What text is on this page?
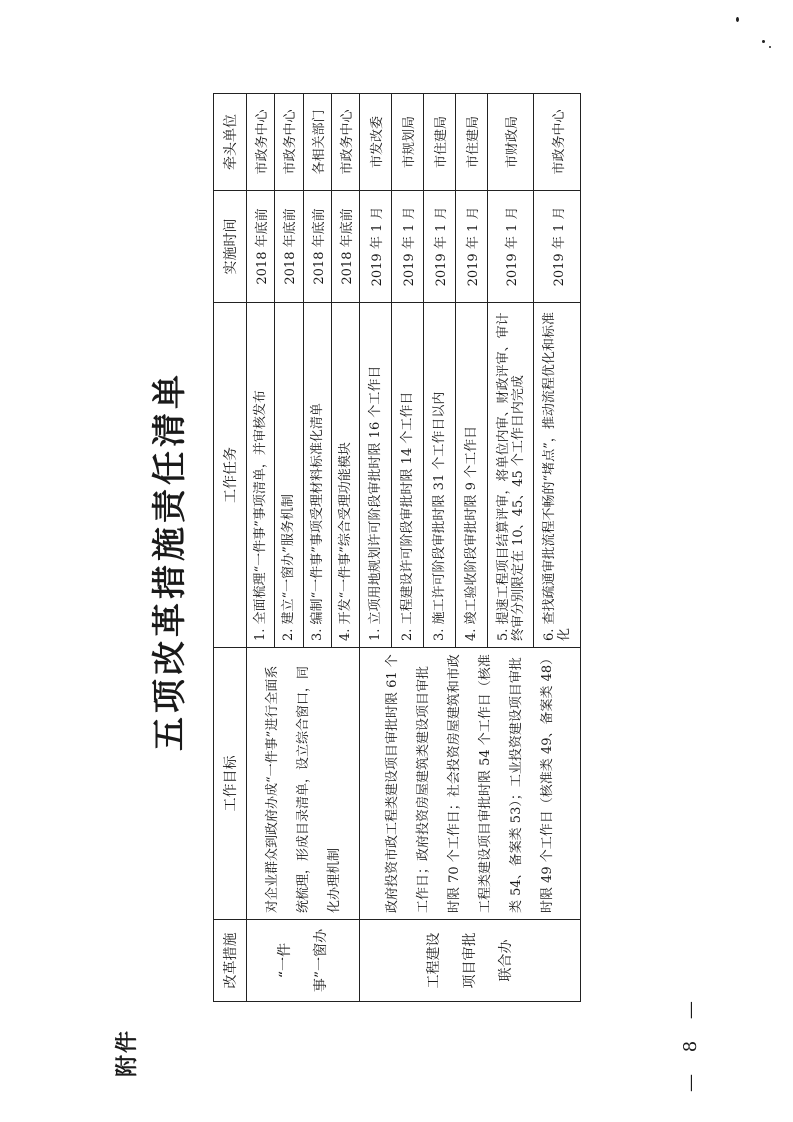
附件
五项改革措施责任清单
改革措施	工作目标	工作任务	实施时间	牵头单位
“一件事”一窗办	对企业群众到政府办成“一件事”进行全面系统梳理，形成目录清单，设立综合窗口，同化办理机制	1. 全面梳理“一件事”事项清单，并审核发布	2018 年底前	市政务中心
		2. 建立“一窗办”服务机制	2018 年底前	市政务中心
		3. 编制“一件事”事项受理材料标准化清单	2018 年底前	各相关部门
		4. 开发“一件事”综合受理功能模块	2018 年底前	市政务中心
工程建设项目审批联合办	政府投资市政工程类建设项目审批时限 61 个工作日；政府投资房屋建筑类建设项目审批时限 70 个工作日；社会投资房屋建筑和市政工程类建设项目审批时限 54 个工作日（核准类 54、备案类 53）；工业投资建设项目审批时限 49 个工作日（核准类 49、备案类 48）	1. 立项用地规划许可阶段审批时限 16 个工作日	2019 年 1 月	市发改委
		2. 工程建设许可阶段审批时限 14 个工作日	2019 年 1 月	市规划局
		3. 施工许可阶段审批时限 31 个工作日以内	2019 年 1 月	市住建局
		4. 竣工验收阶段审批时限 9 个工作日	2019 年 1 月	市住建局
		5. 提速工程项目结算评审，将单位内审、财政评审、审计终审分别限定在 10、45、45 个工作日内完成	2019 年 1 月	市财政局
		6. 查找疏通审批流程不畅的“堵点”，推动流程优化和标准化	2019 年 1 月	市政务中心
— 8 —
